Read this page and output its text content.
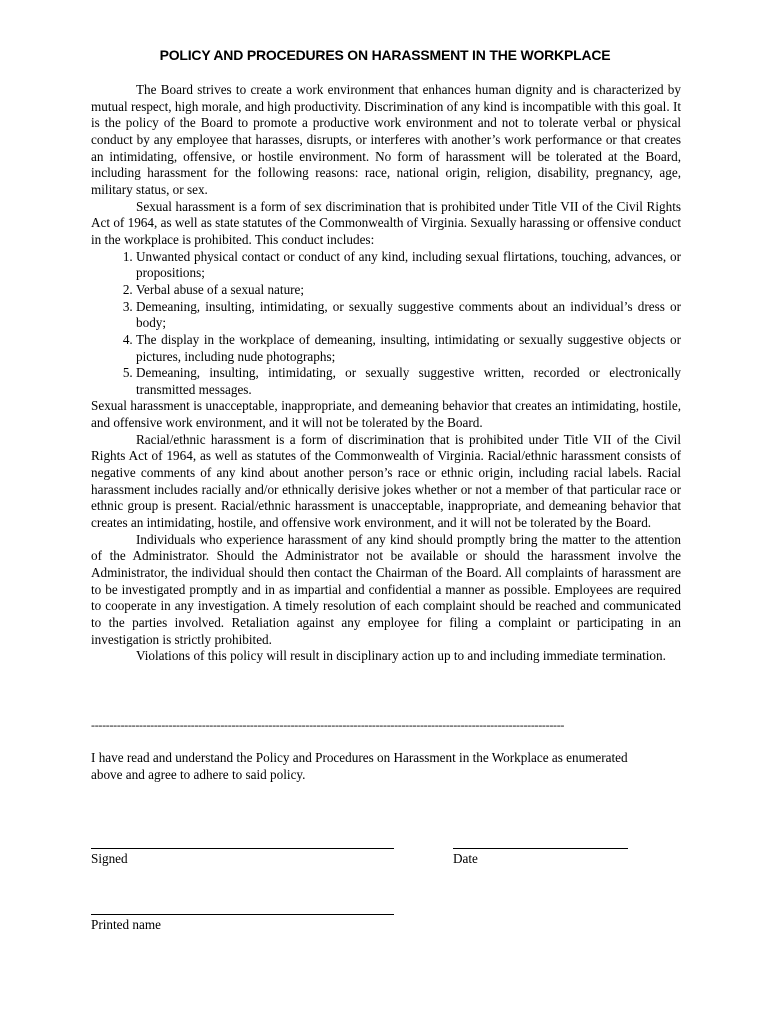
POLICY AND PROCEDURES ON HARASSMENT IN THE WORKPLACE

The Board strives to create a work environment that enhances human dignity and is characterized by mutual respect, high morale, and high productivity. Discrimination of any kind is incompatible with this goal. It is the policy of the Board to promote a productive work environment and not to tolerate verbal or physical conduct by any employee that harasses, disrupts, or interferes with another’s work performance or that creates an intimidating, offensive, or hostile environment. No form of harassment will be tolerated at the Board, including harassment for the following reasons: race, national origin, religion, disability, pregnancy, age, military status, or sex.

Sexual harassment is a form of sex discrimination that is prohibited under Title VII of the Civil Rights Act of 1964, as well as state statutes of the Commonwealth of Virginia. Sexually harassing or offensive conduct in the workplace is prohibited. This conduct includes:

1. Unwanted physical contact or conduct of any kind, including sexual flirtations, touching, advances, or propositions;
2. Verbal abuse of a sexual nature;
3. Demeaning, insulting, intimidating, or sexually suggestive comments about an individual’s dress or body;
4. The display in the workplace of demeaning, insulting, intimidating or sexually suggestive objects or pictures, including nude photographs;
5. Demeaning, insulting, intimidating, or sexually suggestive written, recorded or electronically transmitted messages.

Sexual harassment is unacceptable, inappropriate, and demeaning behavior that creates an intimidating, hostile, and offensive work environment, and it will not be tolerated by the Board.

Racial/ethnic harassment is a form of discrimination that is prohibited under Title VII of the Civil Rights Act of 1964, as well as statutes of the Commonwealth of Virginia. Racial/ethnic harassment consists of negative comments of any kind about another person’s race or ethnic origin, including racial labels. Racial harassment includes racially and/or ethnically derisive jokes whether or not a member of that particular race or ethnic group is present. Racial/ethnic harassment is unacceptable, inappropriate, and demeaning behavior that creates an intimidating, hostile, and offensive work environment, and it will not be tolerated by the Board.

Individuals who experience harassment of any kind should promptly bring the matter to the attention of the Administrator. Should the Administrator not be available or should the harassment involve the Administrator, the individual should then contact the Chairman of the Board. All complaints of harassment are to be investigated promptly and in as impartial and confidential a manner as possible. Employees are required to cooperate in any investigation. A timely resolution of each complaint should be reached and communicated to the parties involved. Retaliation against any employee for filing a complaint or participating in an investigation is strictly prohibited.

Violations of this policy will result in disciplinary action up to and including immediate termination.

--------------------------------------------------------------------------------------------------------------------------------
I have read and understand the Policy and Procedures on Harassment in the Workplace as enumerated above and agree to adhere to said policy.
Signed	Date
Printed name
